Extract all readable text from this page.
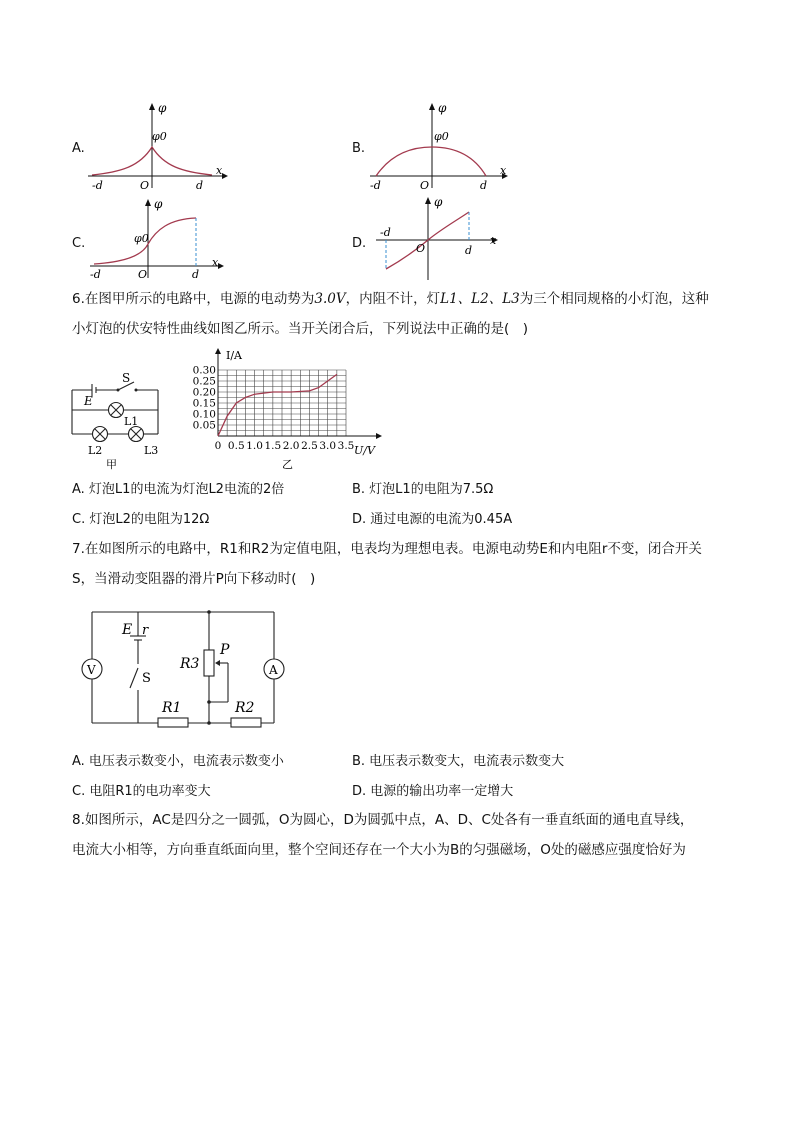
A.
φ
φ0
-d	O	d
x
B.
φ
φ0
-d	O	d
x
C.
φ
φ0
-d	O	d
x
D.
φ
-d
O	d
x
6.在图甲所示的电路中，电源的电动势为3.0V，内阻不计，灯L1、L2、L3为三个相同规格的小灯泡，这种
小灯泡的伏安特性曲线如图乙所示。当开关闭合后，下列说法中正确的是(　)
E
S
L1
L2	L3
甲
0 0.5 1.0 1.5 2.0 2.5 3.0 3.5
0.05
0.10
0.15
0.20
0.25
0.30
I/A
U/V
乙
A. 灯泡L1的电流为灯泡L2电流的2倍	B. 灯泡L1的电阻为7.5Ω
C. 灯泡L2的电阻为12Ω	D. 通过电源的电流为0.45A
7.在如图所示的电路中，R1和R2为定值电阻，电表均为理想电表。电源电动势E和内电阻r不变，闭合开关
S，当滑动变阻器的滑片P向下移动时(　)
V	A
E r
S
R3
P
R1	R2
A. 电压表示数变小，电流表示数变小	B. 电压表示数变大，电流表示数变大
C. 电阻R1的电功率变大	D. 电源的输出功率一定增大
8.如图所示，AC是四分之一圆弧，O为圆心，D为圆弧中点，A、D、C处各有一垂直纸面的通电直导线，
电流大小相等，方向垂直纸面向里，整个空间还存在一个大小为B的匀强磁场，O处的磁感应强度恰好为
